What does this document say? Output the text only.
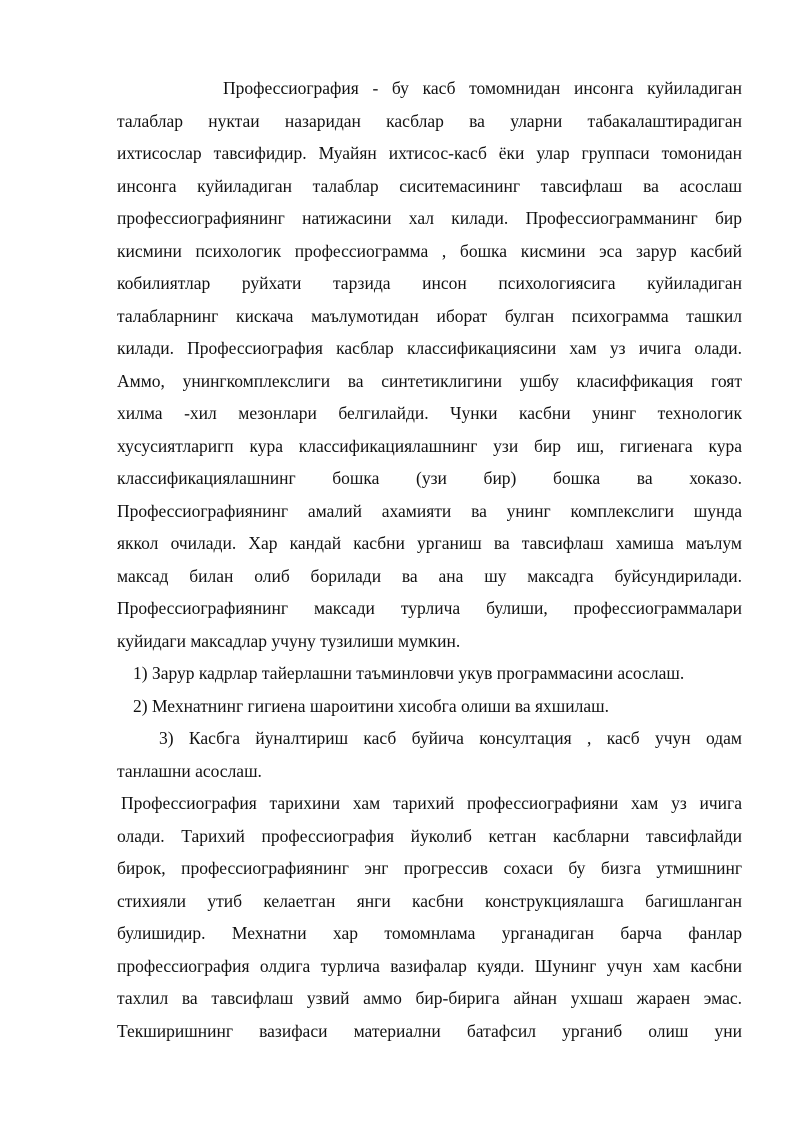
Профессиография - бу касб томомнидан инсонга куйиладиган
талаблар нуктаи назаридан касблар ва уларни табакалаштирадиган
ихтисослар тавсифидир. Муайян ихтисос-касб ёки улар группаси томонидан
инсонга куйиладиган талаблар сиситемасининг тавсифлаш ва асослаш
профессиографиянинг натижасини хал килади. Профессиограмманинг бир
кисмини психологик профессиограмма , бошка кисмини эса зарур касбий
кобилиятлар руйхати тарзида инсон психологиясига куйиладиган
талабларнинг кискача маълумотидан иборат булган психограмма ташкил
килади. Профессиография касблар классификациясини хам уз ичига олади.
Аммо, унингкомплекслиги ва синтетиклигини ушбу класиффикация гоят
хилма -хил мезонлари белгилайди. Чунки касбни унинг технологик
хусусиятларигп кура классификациялашнинг узи бир иш, гигиенага кура
классификациялашнинг бошка (узи бир) бошка ва хоказо.
Профессиографиянинг амалий ахамияти ва унинг комплекслиги шунда
яккол очилади. Хар кандай касбни урганиш ва тавсифлаш хамиша маълум
максад билан олиб борилади ва ана шу максадга буйсундирилади.
Профессиографиянинг максади турлича булиши, профессиограммалари
куйидаги максадлар учуну тузилиши мумкин.
1) Зарур кадрлар тайерлашни таъминловчи укув программасини асослаш.
2) Мехнатнинг гигиена шароитини хисобга олиши ва яхшилаш.
3) Касбга йуналтириш касб буйича консултация , касб учун одам
танлашни асослаш.
Профессиография тарихини хам тарихий профессиографияни хам уз ичига
олади. Тарихий профессиография йуколиб кетган касбларни тавсифлайди
бирок, профессиографиянинг энг прогрессив сохаси бу бизга утмишнинг
стихияли утиб келаетган янги касбни конструкциялашга багишланган
булишидир. Мехнатни хар томомнлама урганадиган барча фанлар
профессиография олдига турлича вазифалар куяди. Шунинг учун хам касбни
тахлил ва тавсифлаш узвий аммо бир-бирига айнан ухшаш жараен эмас.
Текширишнинг вазифаси материални батафсил урганиб олиш уни
